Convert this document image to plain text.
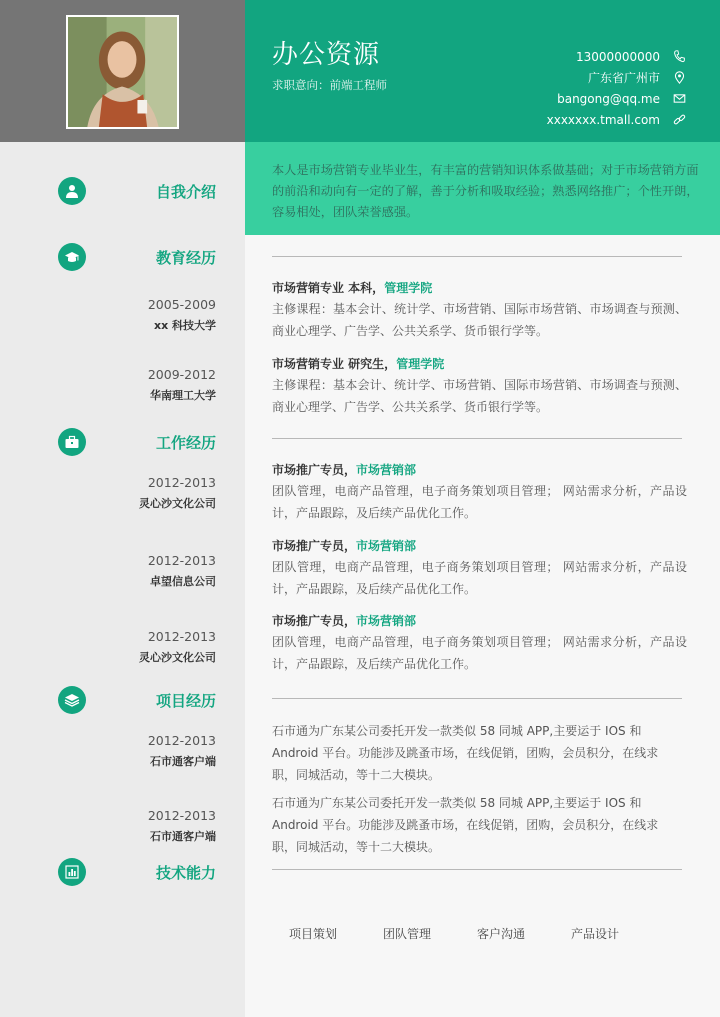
办公资源
求职意向：前端工程师
13000000000
广东省广州市
bangong@qq.me
xxxxxxx.tmall.com
自我介绍
教育经历
2005-2009
xx 科技大学
2009-2012
华南理工大学
工作经历
2012-2013
灵心沙文化公司
2012-2013
卓望信息公司
2012-2013
灵心沙文化公司
项目经历
2012-2013
石市通客户端
2012-2013
石市通客户端
技术能力
本人是市场营销专业毕业生，有丰富的营销知识体系做基础；对于市场营销方面的前沿和动向有一定的了解，善于分析和吸取经验；熟悉网络推广；个性开朗，容易相处，团队荣誉感强。
市场营销专业 本科，管理学院
主修课程：基本会计、统计学、市场营销、国际市场营销、市场调查与预测、商业心理学、广告学、公共关系学、货币银行学等。
市场营销专业 研究生，管理学院
主修课程：基本会计、统计学、市场营销、国际市场营销、市场调查与预测、商业心理学、广告学、公共关系学、货币银行学等。
市场推广专员，市场营销部
团队管理，电商产品管理，电子商务策划项目管理； 网站需求分析，产品设计，产品跟踪，及后续产品优化工作。
市场推广专员，市场营销部
团队管理，电商产品管理，电子商务策划项目管理； 网站需求分析，产品设计，产品跟踪，及后续产品优化工作。
市场推广专员，市场营销部
团队管理，电商产品管理，电子商务策划项目管理； 网站需求分析，产品设计，产品跟踪，及后续产品优化工作。
石市通为广东某公司委托开发一款类似 58 同城 APP,主要运于 IOS 和 Android 平台。功能涉及跳蚤市场，在线促销，团购，会员积分，在线求职，同城活动，等十二大模块。
石市通为广东某公司委托开发一款类似 58 同城 APP,主要运于 IOS 和 Android 平台。功能涉及跳蚤市场，在线促销，团购，会员积分，在线求职，同城活动，等十二大模块。
项目策划	团队管理	客户沟通	产品设计
